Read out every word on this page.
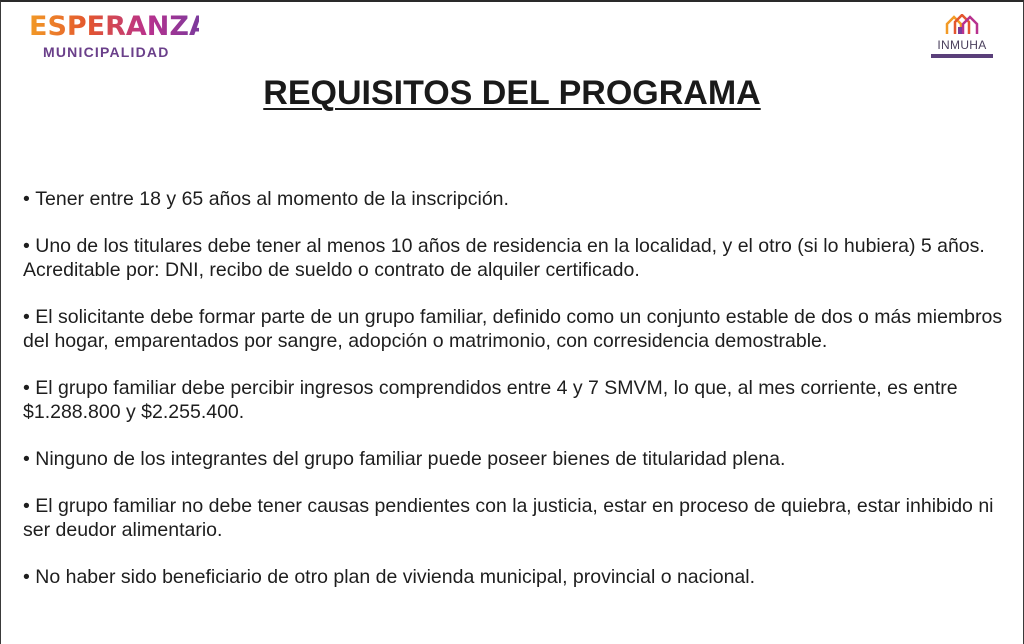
ESPERANZA
MUNICIPALIDAD	INMUHA
REQUISITOS DEL PROGRAMA
• Tener entre 18 y 65 años al momento de la inscripción.
• Uno de los titulares debe tener al menos 10 años de residencia en la localidad, y el otro (si lo hubiera) 5 años. Acreditable por: DNI, recibo de sueldo o contrato de alquiler certificado.
• El solicitante debe formar parte de un grupo familiar, definido como un conjunto estable de dos o más miembros del hogar, emparentados por sangre, adopción o matrimonio, con corresidencia demostrable.
• El grupo familiar debe percibir ingresos comprendidos entre 4 y 7 SMVM, lo que, al mes corriente, es entre $1.288.800 y $2.255.400.
• Ninguno de los integrantes del grupo familiar puede poseer bienes de titularidad plena.
• El grupo familiar no debe tener causas pendientes con la justicia, estar en proceso de quiebra, estar inhibido ni ser deudor alimentario.
• No haber sido beneficiario de otro plan de vivienda municipal, provincial o nacional.
